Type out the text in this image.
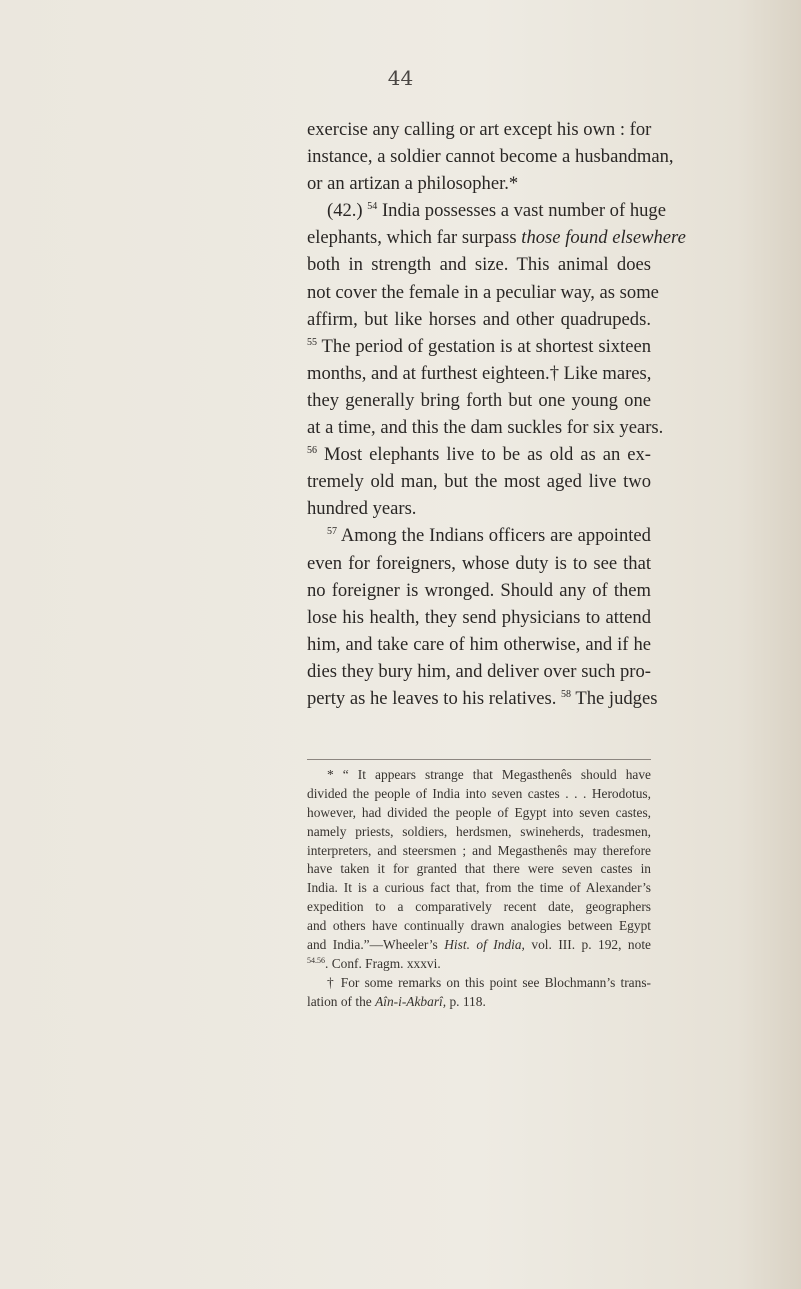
44
exercise any calling or art except his own : for
instance, a soldier cannot become a husbandman,
or an artizan a philosopher.*
(42.) $^{54}$ India possesses a vast number of huge
elephants, which far surpass those found elsewhere
both in strength and size. This animal does
not cover the female in a peculiar way, as some
affirm, but like horses and other quadrupeds.
$^{55}$ The period of gestation is at shortest sixteen
months, and at furthest eighteen.† Like mares,
they generally bring forth but one young one
at a time, and this the dam suckles for six years.
$^{56}$ Most elephants live to be as old as an ex-
tremely old man, but the most aged live two
hundred years.
$^{57}$ Among the Indians officers are appointed
even for foreigners, whose duty is to see that
no foreigner is wronged. Should any of them
lose his health, they send physicians to attend
him, and take care of him otherwise, and if he
dies they bury him, and deliver over such pro-
perty as he leaves to his relatives. $^{58}$ The judges
* “ It appears strange that Megasthenês should have
divided the people of India into seven castes . . . Herodotus,
however, had divided the people of Egypt into seven castes,
namely priests, soldiers, herdsmen, swineherds, tradesmen,
interpreters, and steersmen ; and Megasthenês may therefore
have taken it for granted that there were seven castes in
India. It is a curious fact that, from the time of Alexander’s
expedition to a comparatively recent date, geographers
and others have continually drawn analogies between Egypt
and India.”—Wheeler’s Hist. of India, vol. III. p. 192, note
$^{54.56}$. Conf. Fragm. xxxvi.
† For some remarks on this point see Blochmann’s trans-
lation of the Aîn-i-Akbarî, p. 118.
